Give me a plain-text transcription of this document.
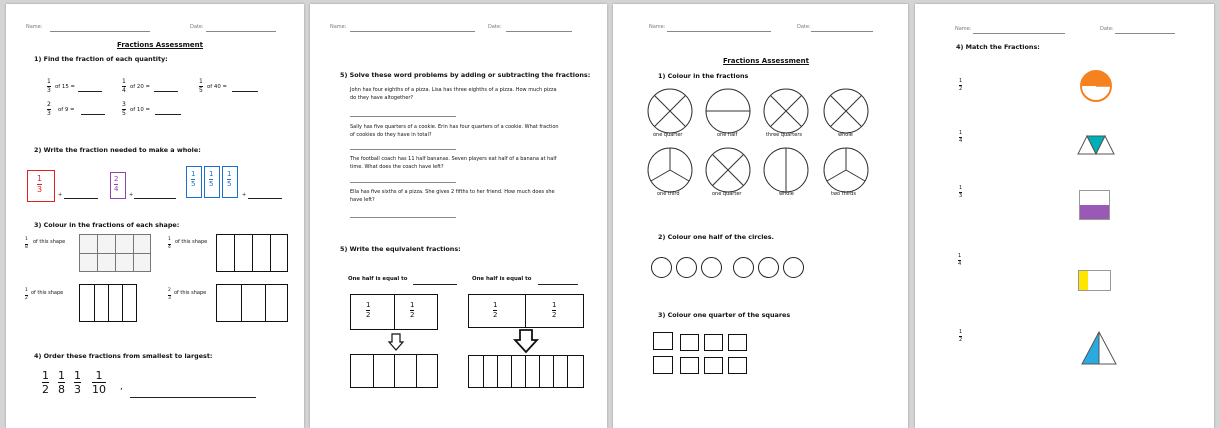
Name:	Date:
Fractions Assessment
1) Find the fraction of each quantity:
1
3 of 15 =
1
4 of 20 =
1
5 of 40 =
2
3 of 9 =
3
5 of 10 =
2) Write the fraction needed to make a whole:
1
3
+
2
4
+
1
5
1
5
1
5
+
3) Colour in the fractions of each shape:
1
8
of this shape	1
4
of this shape
1
2
of this shape	2
3
of this shape
4) Order these fractions from smallest to largest:
1
2
1
8
1
3
1
10 ,
Name:	Date:
5) Solve these word problems by adding or subtracting the fractions:
John has four eighths of a pizza. Lisa has three eighths of a pizza. How much pizza
do they have altogether?
Sally has five quarters of a cookie. Erin has four quarters of a cookie. What fraction
of cookies do they have in total?
The football coach has 11 half bananas. Seven players eat half of a banana at half
time. What does the coach have left?
Ella has five sixths of a pizza. She gives 2 fifths to her friend. How much does she
have left?
5) Write the equivalent fractions:
One half is equal to	One half is equal to
1
2
1
2
1
2
1
2
Name:	Date:
Fractions Assessment
1) Colour in the fractions
one quarter	one half	three quarters	whole
one third	one quarter	whole	two thirds
2) Colour one half of the circles.
3) Colour one quarter of the squares
Name:	Date:
4) Match the Fractions:
1
2
1
4
1
3
1
4
1
2
